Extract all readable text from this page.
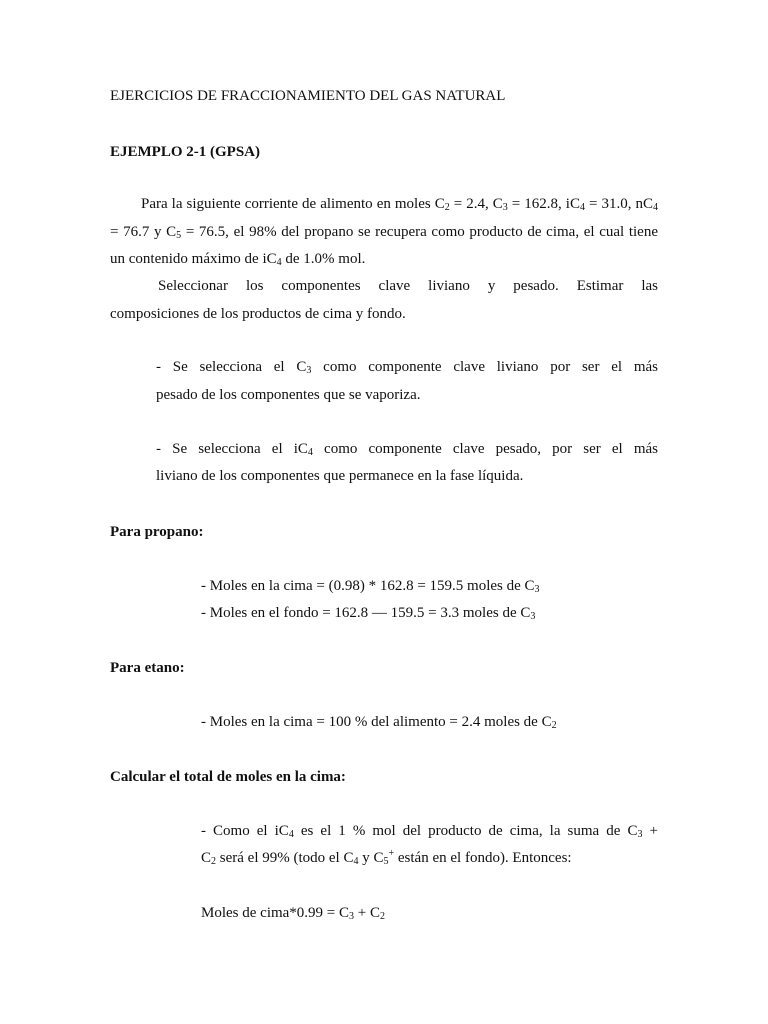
EJERCICIOS DE FRACCIONAMIENTO DEL GAS NATURAL
EJEMPLO 2-1 (GPSA)
Para la siguiente corriente de alimento en moles C2 = 2.4, C3 = 162.8, iC4 = 31.0, nC4 = 76.7 y C5 = 76.5, el 98% del propano se recupera como producto de cima, el cual tiene un contenido máximo de iC4 de 1.0% mol.
Seleccionar los componentes clave liviano y pesado. Estimar las
composiciones de los productos de cima y fondo.
- Se selecciona el C3 como componente clave liviano por ser el más
pesado de los componentes que se vaporiza.
- Se selecciona el iC4 como componente clave pesado, por ser el más
liviano de los componentes que permanece en la fase líquida.
Para propano:
- Moles en la cima = (0.98) * 162.8 = 159.5 moles de C3
- Moles en el fondo = 162.8 — 159.5 = 3.3 moles de C3
Para etano:
- Moles en la cima = 100 % del alimento = 2.4 moles de C2
Calcular el total de moles en la cima:
- Como el iC4 es el 1 % mol del producto de cima, la suma de C3 +
C2 será el 99% (todo el C4 y C5+ están en el fondo). Entonces:
Moles de cima*0.99 = C3 + C2
